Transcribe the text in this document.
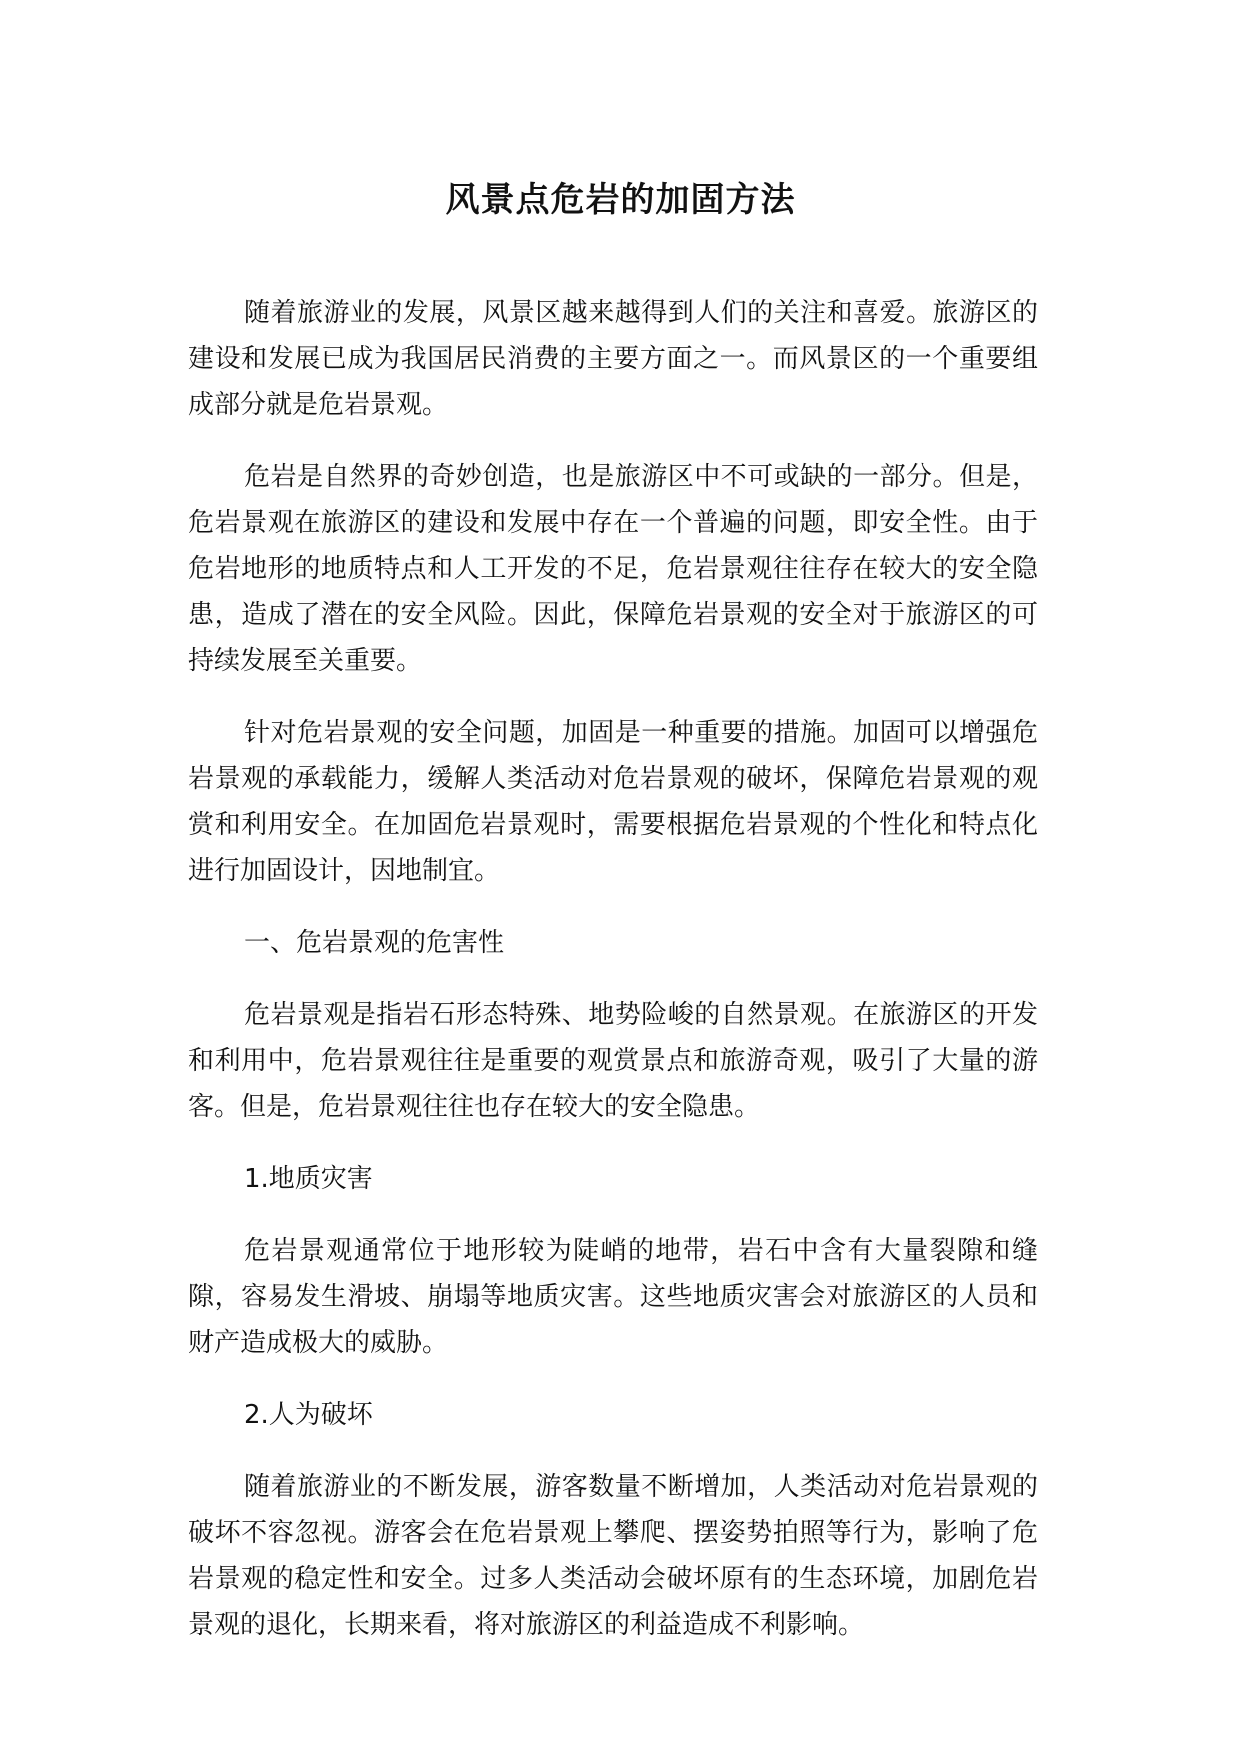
风景点危岩的加固方法

随着旅游业的发展，风景区越来越得到人们的关注和喜爱。旅游区的建设和发展已成为我国居民消费的主要方面之一。而风景区的一个重要组成部分就是危岩景观。

危岩是自然界的奇妙创造，也是旅游区中不可或缺的一部分。但是，危岩景观在旅游区的建设和发展中存在一个普遍的问题，即安全性。由于危岩地形的地质特点和人工开发的不足，危岩景观往往存在较大的安全隐患，造成了潜在的安全风险。因此，保障危岩景观的安全对于旅游区的可持续发展至关重要。

针对危岩景观的安全问题，加固是一种重要的措施。加固可以增强危岩景观的承载能力，缓解人类活动对危岩景观的破坏，保障危岩景观的观赏和利用安全。在加固危岩景观时，需要根据危岩景观的个性化和特点化进行加固设计，因地制宜。

一、危岩景观的危害性

危岩景观是指岩石形态特殊、地势险峻的自然景观。在旅游区的开发和利用中，危岩景观往往是重要的观赏景点和旅游奇观，吸引了大量的游客。但是，危岩景观往往也存在较大的安全隐患。

1.地质灾害

危岩景观通常位于地形较为陡峭的地带，岩石中含有大量裂隙和缝隙，容易发生滑坡、崩塌等地质灾害。这些地质灾害会对旅游区的人员和财产造成极大的威胁。

2.人为破坏

随着旅游业的不断发展，游客数量不断增加，人类活动对危岩景观的破坏不容忽视。游客会在危岩景观上攀爬、摆姿势拍照等行为，影响了危岩景观的稳定性和安全。过多人类活动会破坏原有的生态环境，加剧危岩景观的退化，长期来看，将对旅游区的利益造成不利影响。
